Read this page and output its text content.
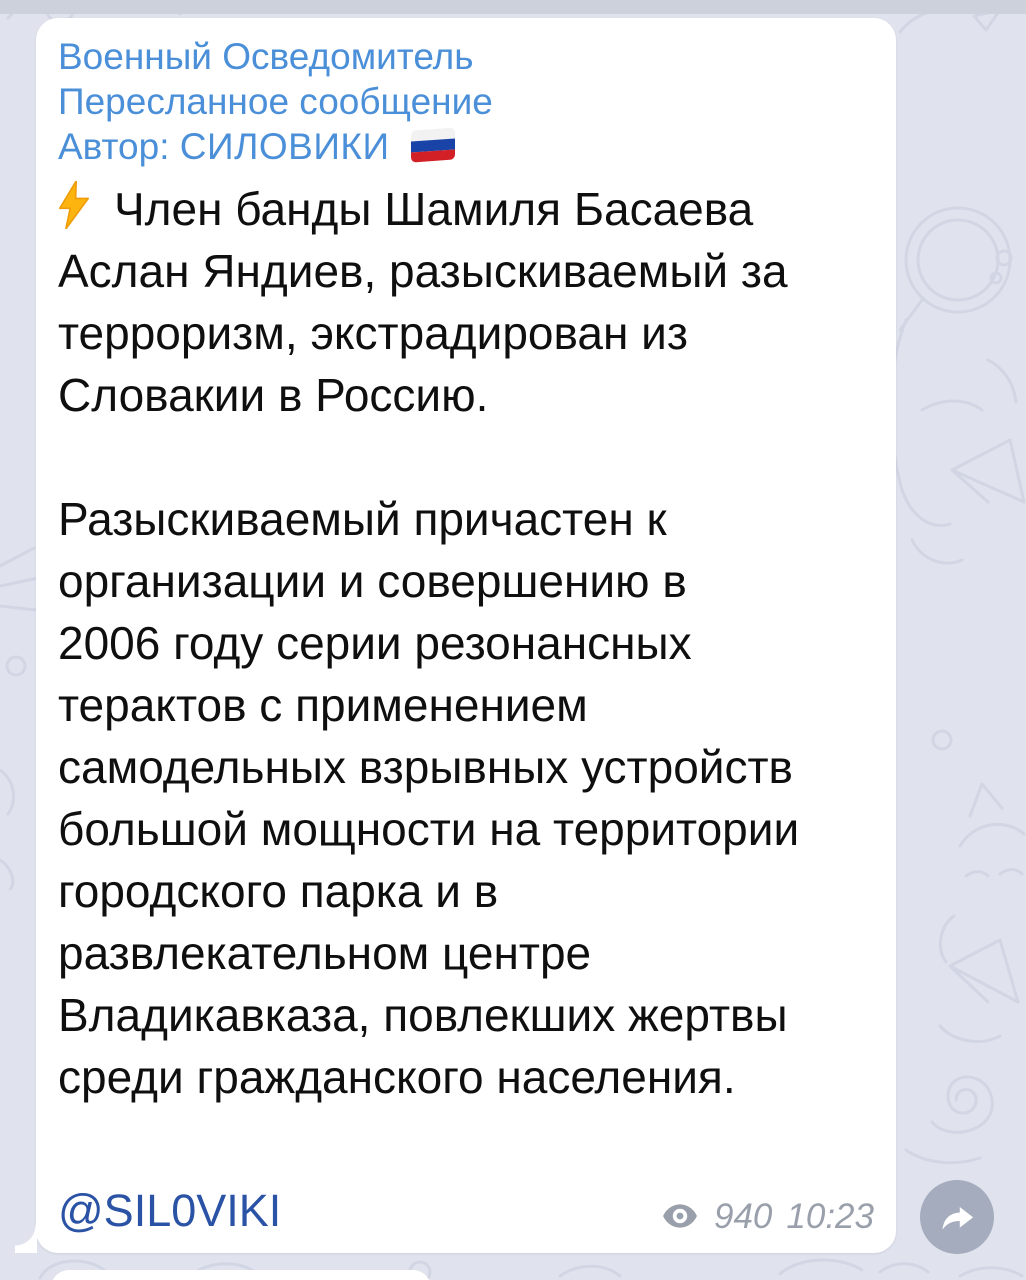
Военный Осведомитель
Пересланное сообщение
Автор: СИЛОВИКИ
Член банды Шамиля Басаева
Аслан Яндиев, разыскиваемый за
терроризм, экстрадирован из
Словакии в Россию.
Разыскиваемый причастен к
организации и совершению в
2006 году серии резонансных
терактов с применением
самодельных взрывных устройств
большой мощности на территории
городского парка и в
развлекательном центре
Владикавказа, повлекших жертвы
среди гражданского населения.
@SIL0VIKI	940 10:23
